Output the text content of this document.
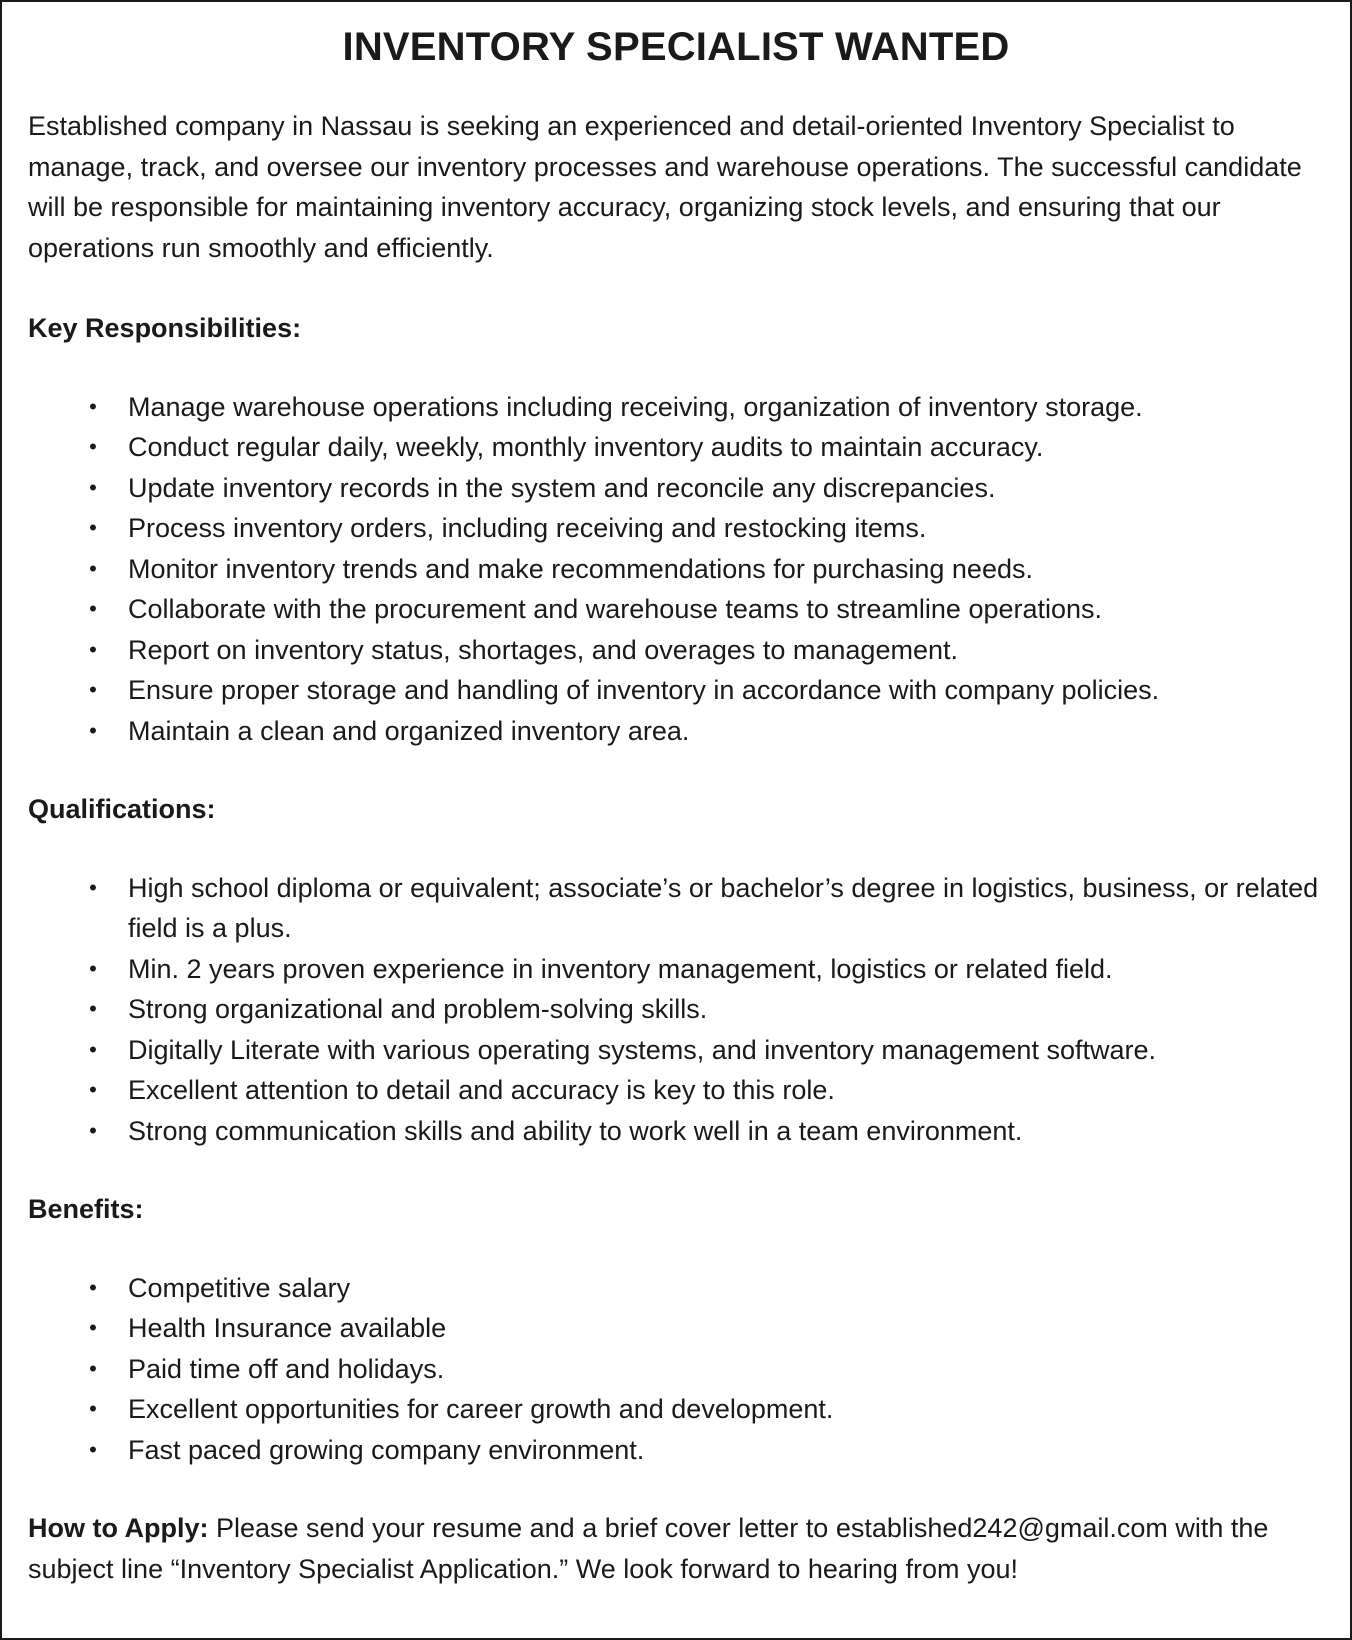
INVENTORY SPECIALIST WANTED

Established company in Nassau is seeking an experienced and detail-oriented Inventory Specialist to manage, track, and oversee our inventory processes and warehouse operations. The successful candidate will be responsible for maintaining inventory accuracy, organizing stock levels, and ensuring that our operations run smoothly and efficiently.

Key Responsibilities:
•	Manage warehouse operations including receiving, organization of inventory storage.
•	Conduct regular daily, weekly, monthly inventory audits to maintain accuracy.
•	Update inventory records in the system and reconcile any discrepancies.
•	Process inventory orders, including receiving and restocking items.
•	Monitor inventory trends and make recommendations for purchasing needs.
•	Collaborate with the procurement and warehouse teams to streamline operations.
•	Report on inventory status, shortages, and overages to management.
•	Ensure proper storage and handling of inventory in accordance with company policies.
•	Maintain a clean and organized inventory area.
Qualifications:
•	High school diploma or equivalent; associate’s or bachelor’s degree in logistics, business, or related field is a plus.
•	Min. 2 years proven experience in inventory management, logistics or related field.
•	Strong organizational and problem-solving skills.
•	Digitally Literate with various operating systems, and inventory management software.
•	Excellent attention to detail and accuracy is key to this role.
•	Strong communication skills and ability to work well in a team environment.
Benefits:
•	Competitive salary
•	Health Insurance available
•	Paid time off and holidays.
•	Excellent opportunities for career growth and development.
•	Fast paced growing company environment.

How to Apply: Please send your resume and a brief cover letter to established242@gmail.com with the subject line “Inventory Specialist Application.” We look forward to hearing from you!
